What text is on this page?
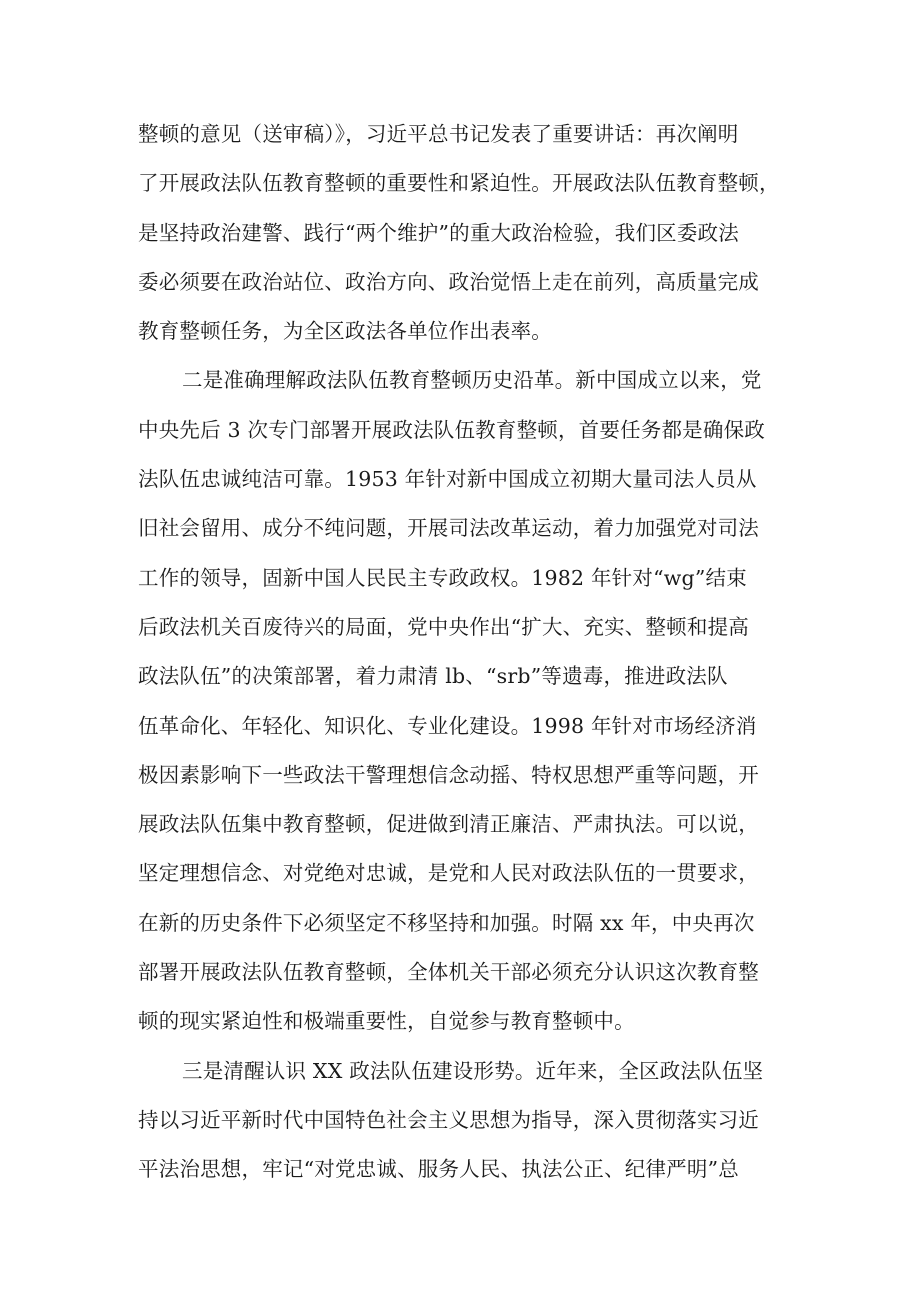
整顿的意见（送审稿）》，习近平总书记发表了重要讲话：再次阐明
了开展政法队伍教育整顿的重要性和紧迫性。开展政法队伍教育整顿，
是坚持政治建警、践行“两个维护”的重大政治检验，我们区委政法
委必须要在政治站位、政治方向、政治觉悟上走在前列，高质量完成
教育整顿任务，为全区政法各单位作出表率。
二是准确理解政法队伍教育整顿历史沿革。新中国成立以来，党
中央先后 3 次专门部署开展政法队伍教育整顿，首要任务都是确保政
法队伍忠诚纯洁可靠。1953 年针对新中国成立初期大量司法人员从
旧社会留用、成分不纯问题，开展司法改革运动，着力加强党对司法
工作的领导，固新中国人民民主专政政权。1982 年针对“wg”结束
后政法机关百废待兴的局面，党中央作出“扩大、充实、整顿和提高
政法队伍”的决策部署，着力肃清 lb、“srb”等遗毒，推进政法队
伍革命化、年轻化、知识化、专业化建设。1998 年针对市场经济消
极因素影响下一些政法干警理想信念动摇、特权思想严重等问题，开
展政法队伍集中教育整顿，促进做到清正廉洁、严肃执法。可以说，
坚定理想信念、对党绝对忠诚，是党和人民对政法队伍的一贯要求，
在新的历史条件下必须坚定不移坚持和加强。时隔 xx 年，中央再次
部署开展政法队伍教育整顿，全体机关干部必须充分认识这次教育整
顿的现实紧迫性和极端重要性，自觉参与教育整顿中。
三是清醒认识 XX 政法队伍建设形势。近年来，全区政法队伍坚
持以习近平新时代中国特色社会主义思想为指导，深入贯彻落实习近
平法治思想，牢记“对党忠诚、服务人民、执法公正、纪律严明”总
